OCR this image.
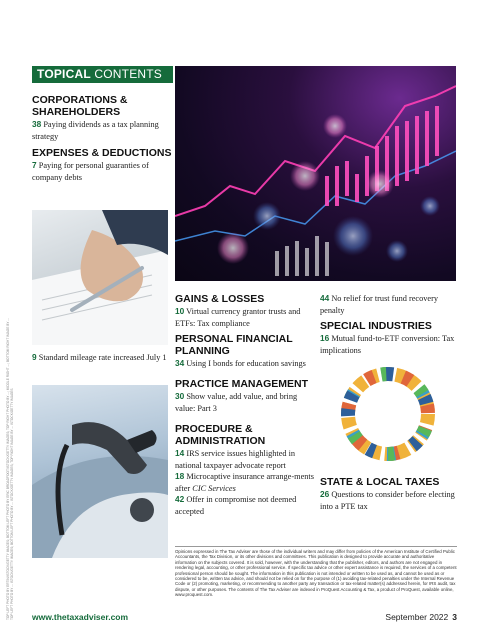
TOP LEFT PHOTO BY ERTIN/ISTOCK/GETTY IMAGES; BOTTOM LEFT PHOTO BY ERIC BROADFOOT/ISTOCK/GETTY IMAGES; TOP RIGHT PHOTO BY ...; MIDDLE RIGHT ...; BOTTOM RIGHT IMAGE BY ... TOP LEFT PHOTO BY ... ISTOCK/GETTY IMAGES; BOTTOM LEFT PHOTO BY ... ISTOCK/GETTY IMAGES; TOP RIGHT IMAGE BY ... ISTOCK/GETTY IMAGES
TOPICAL CONTENTS
CORPORATIONS & SHAREHOLDERS
38 Paying dividends as a tax planning strategy
EXPENSES & DEDUCTIONS
7 Paying for personal guaranties of company debts
9 Standard mileage rate increased July 1
GAINS & LOSSES
10 Virtual currency grantor trusts and ETFs: Tax compliance
PERSONAL FINANCIAL PLANNING
34 Using I bonds for education savings
PRACTICE MANAGEMENT
30 Show value, add value, and bring value: Part 3
PROCEDURE & ADMINISTRATION
14 IRS service issues highlighted in national taxpayer advocate report
18 Microcaptive insurance arrange-ments after CIC Services
42 Offer in compromise not deemed accepted
44 No relief for trust fund recovery penalty
SPECIAL INDUSTRIES
16 Mutual fund-to-ETF conversion: Tax implications
STATE & LOCAL TAXES
26 Questions to consider before electing into a PTE tax
Opinions expressed in The Tax Adviser are those of the individual writers and may differ from policies of the American Institute of Certified Public Accountants, the Tax Division, or its other divisions and committees. This publication is designed to provide accurate and authoritative information on the subjects covered. It is sold, however, with the understanding that the publisher, editors, and authors are not engaged in rendering legal, accounting, or other professional service. If specific tax advice or other expert assistance is required, the services of a competent professional person should be sought. The information in this publication is not intended or written to be used as, and cannot be used as or considered to be, written tax advice, and should not be relied on for the purpose of (1) avoiding tax-related penalties under the Internal Revenue Code or (2) promoting, marketing, or recommending to another party any transaction or tax-related matter(s) addressed herein, for IRS audit, tax dispute, or other purposes. The contents of The Tax Adviser are indexed in ProQuest Accounting & Tax, a product of ProQuest, available online, www.proquest.com.
www.thetaxadviser.com	September 2022 3
